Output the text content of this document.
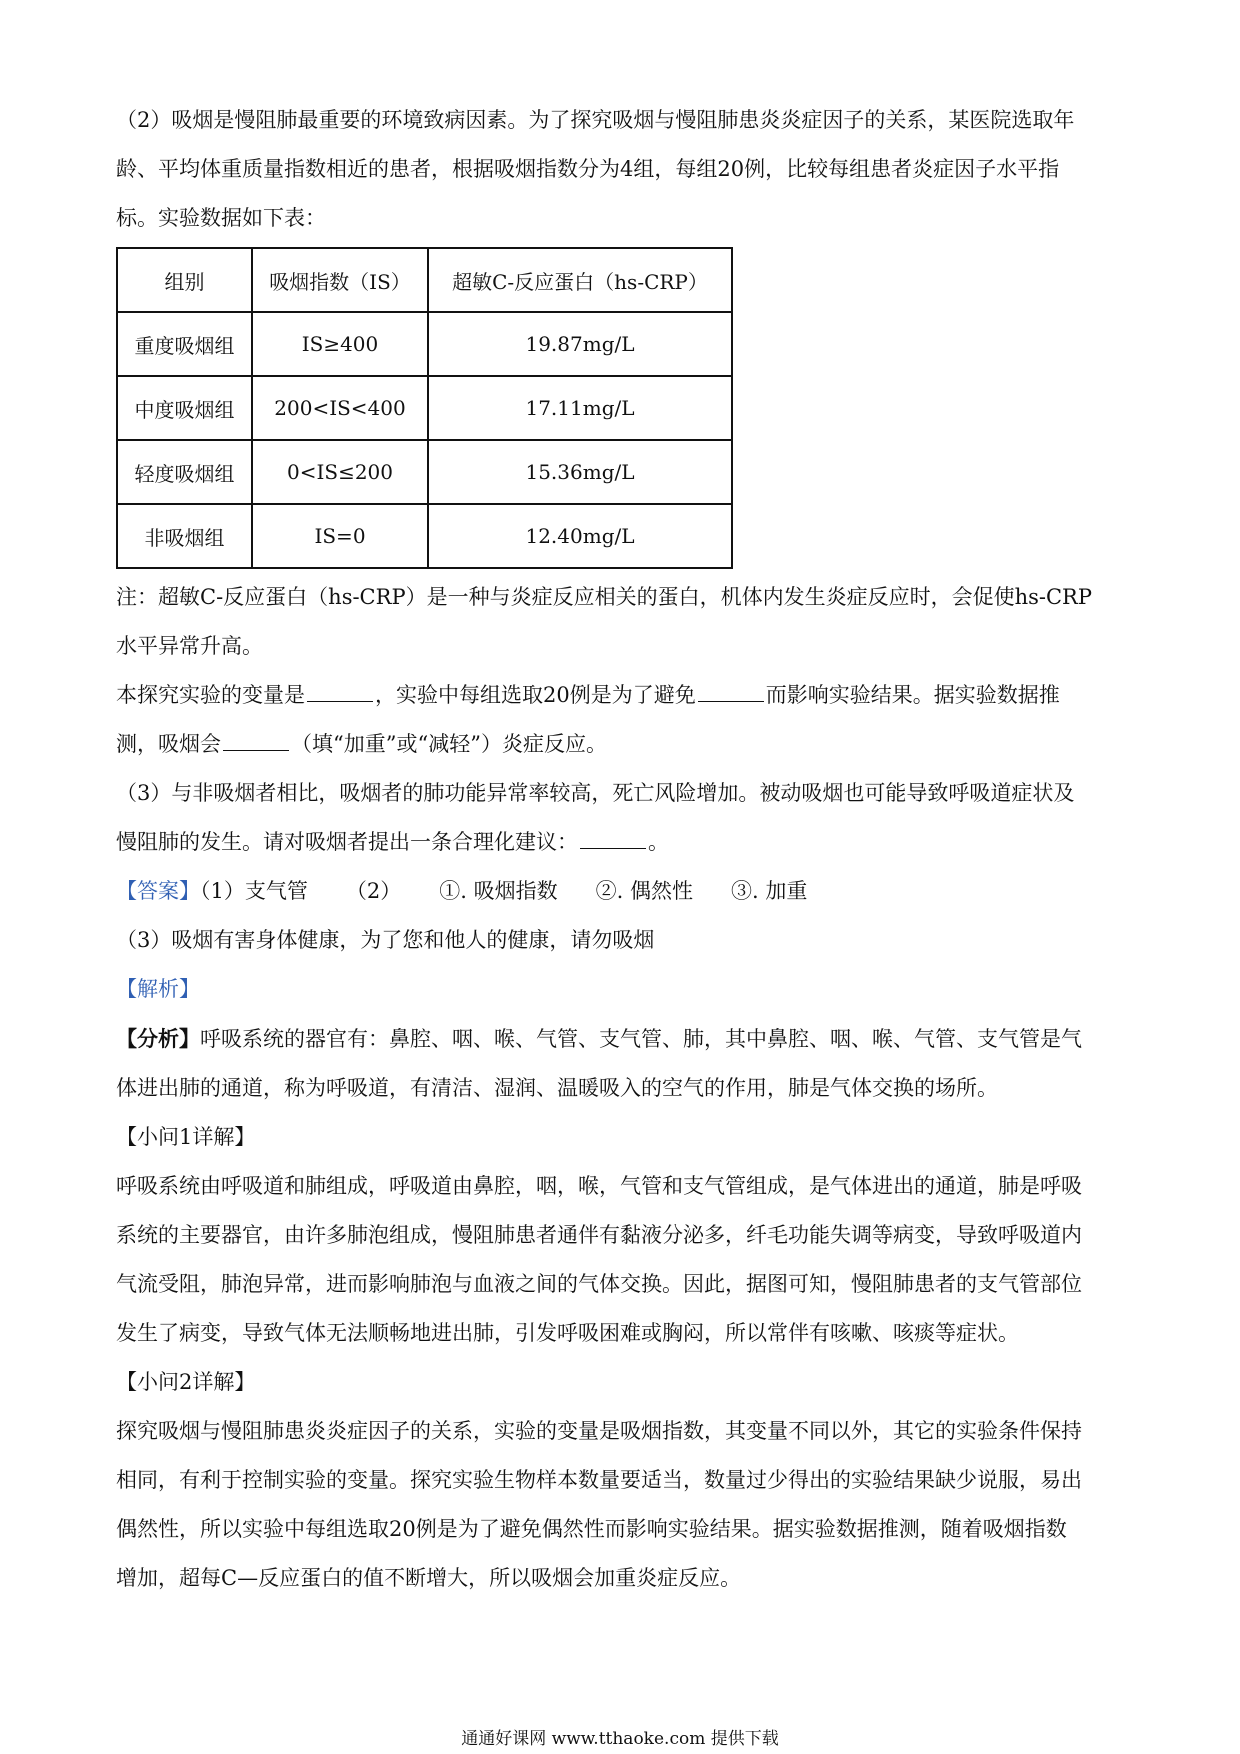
（2）吸烟是慢阻肺最重要的环境致病因素。为了探究吸烟与慢阻肺患炎炎症因子的关系，某医院选取年

龄、平均体重质量指数相近的患者，根据吸烟指数分为4组，每组20例，比较每组患者炎症因子水平指

标。实验数据如下表：

组别	吸烟指数（IS）	超敏C-反应蛋白（hs-CRP）
重度吸烟组	IS≥400	19.87mg/L
中度吸烟组	200<IS<400	17.11mg/L
轻度吸烟组	0<IS≤200	15.36mg/L
非吸烟组	IS=0	12.40mg/L

注：超敏C-反应蛋白（hs-CRP）是一种与炎症反应相关的蛋白，机体内发生炎症反应时，会促使hs-CRP

水平异常升高。

本探究实验的变量是	，实验中每组选取20例是为了避免	而影响实验结果。据实验数据推

测，吸烟会	（填“加重”或“减轻”）炎症反应。

（3）与非吸烟者相比，吸烟者的肺功能异常率较高，死亡风险增加。被动吸烟也可能导致呼吸道症状及

慢阻肺的发生。请对吸烟者提出一条合理化建议：	。

【答案】（1）支气管 （2） ①. 吸烟指数 ②. 偶然性 ③. 加重

（3）吸烟有害身体健康，为了您和他人的健康，请勿吸烟

【解析】

【分析】呼吸系统的器官有：鼻腔、咽、喉、气管、支气管、肺，其中鼻腔、咽、喉、气管、支气管是气

体进出肺的通道，称为呼吸道，有清洁、湿润、温暖吸入的空气的作用，肺是气体交换的场所。

【小问1详解】

呼吸系统由呼吸道和肺组成，呼吸道由鼻腔，咽，喉，气管和支气管组成，是气体进出的通道，肺是呼吸

系统的主要器官，由许多肺泡组成，慢阻肺患者通伴有黏液分泌多，纤毛功能失调等病变，导致呼吸道内

气流受阻，肺泡异常，进而影响肺泡与血液之间的气体交换。因此，据图可知，慢阻肺患者的支气管部位

发生了病变，导致气体无法顺畅地进出肺，引发呼吸困难或胸闷，所以常伴有咳嗽、咳痰等症状。

【小问2详解】

探究吸烟与慢阻肺患炎炎症因子的关系，实验的变量是吸烟指数，其变量不同以外，其它的实验条件保持

相同，有利于控制实验的变量。探究实验生物样本数量要适当，数量过少得出的实验结果缺少说服，易出

偶然性，所以实验中每组选取20例是为了避免偶然性而影响实验结果。据实验数据推测，随着吸烟指数

增加，超每C—反应蛋白的值不断增大，所以吸烟会加重炎症反应。

通通好课网 www.tthaoke.com 提供下载
